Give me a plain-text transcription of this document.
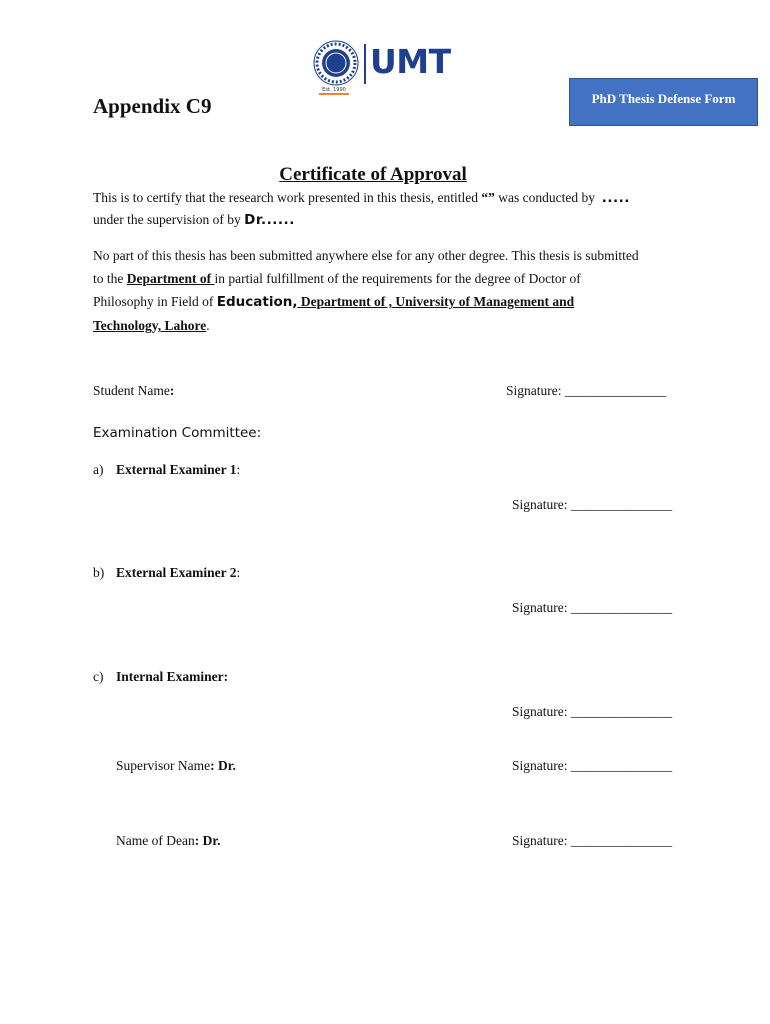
UMT
Est. 1990
PhD Thesis Defense Form
Appendix C9
Certificate of Approval
This is to certify that the research work presented in this thesis, entitled “” was conducted by  .....
under the supervision of by Dr......
No part of this thesis has been submitted anywhere else for any other degree. This thesis is submitted
to the Department of in partial fulfillment of the requirements for the degree of Doctor of
Philosophy in Field of Education, Department of , University of Management and
Technology, Lahore.
Student Name:	Signature: _______________
Examination Committee:
a) External Examiner 1:
Signature: _______________
b) External Examiner 2:
Signature: _______________
c) Internal Examiner:
Signature: _______________
Supervisor Name: Dr.	Signature: _______________
Name of Dean: Dr.	Signature: _______________
